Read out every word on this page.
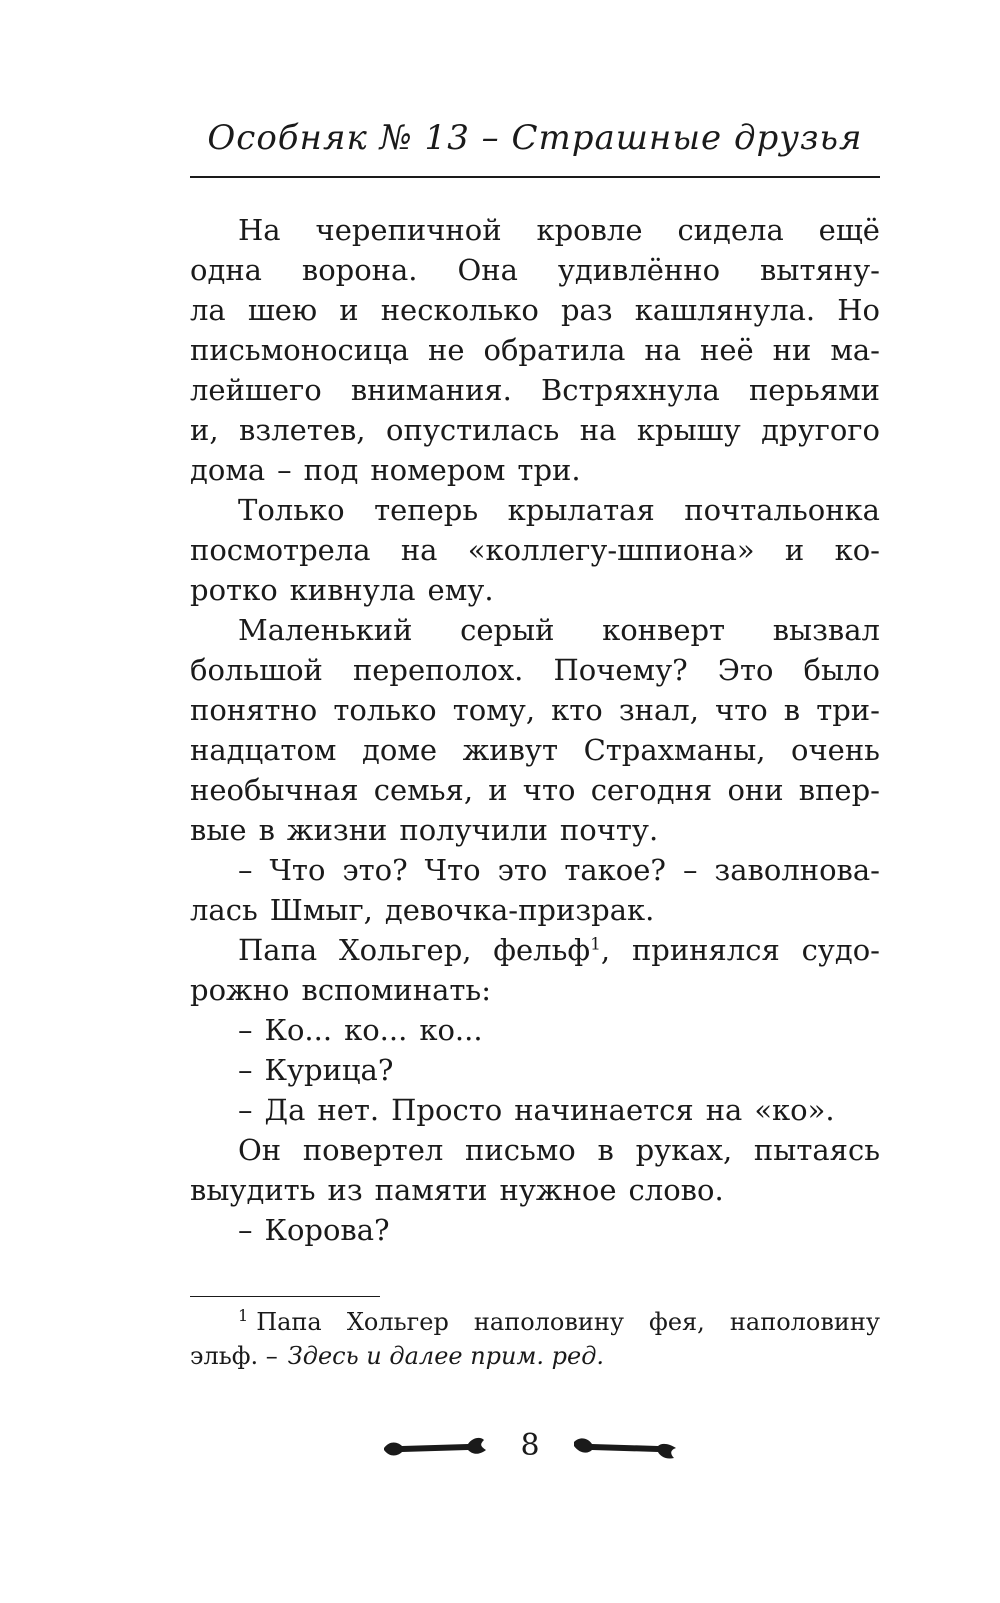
Особняк № 13 – Страшные друзья
На черепичной кровле сидела ещё
одна ворона. Она удивлённо вытяну-
ла шею и несколько раз кашлянула. Но
письмоносица не обратила на неё ни ма-
лейшего внимания. Встряхнула перьями
и, взлетев, опустилась на крышу другого
дома – под номером три.
Только теперь крылатая почтальонка
посмотрела на «коллегу-шпиона» и ко-
ротко кивнула ему.
Маленький серый конверт вызвал
большой переполох. Почему? Это было
понятно только тому, кто знал, что в три-
надцатом доме живут Страхманы, очень
необычная семья, и что сегодня они впер-
вые в жизни получили почту.
– Что это? Что это такое? – заволнова-
лась Шмыг, девочка-призрак.
Папа Хольгер, фельф$^1$, принялся судо-
рожно вспоминать:
– Ко... ко... ко...
– Курица?
– Да нет. Просто начинается на «ко».
Он повертел письмо в руках, пытаясь
выудить из памяти нужное слово.
– Корова?
$^1$ Папа Хольгер наполовину фея, наполовину
эльф. – Здесь и далее прим. ред.
8
